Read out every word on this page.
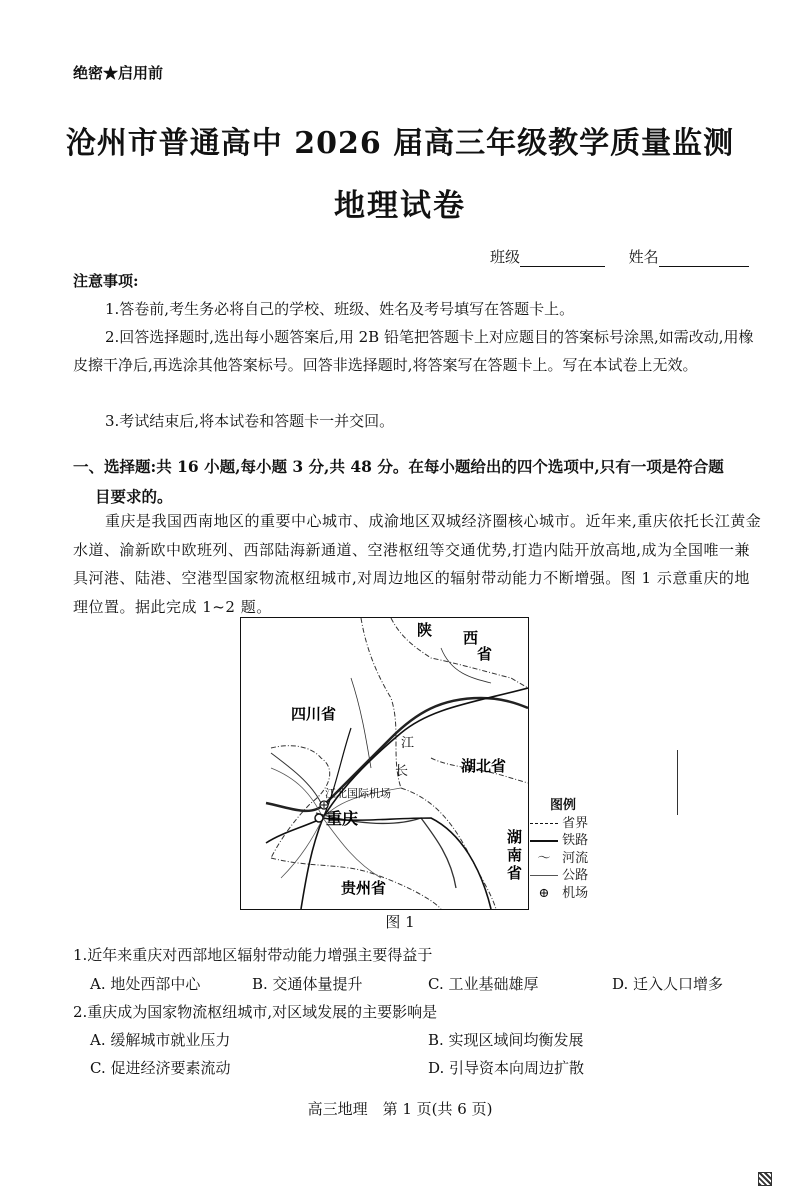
绝密★启用前
沧州市普通高中 2026 届高三年级教学质量监测
地理试卷
班级	姓名
注意事项:
1.答卷前,考生务必将自己的学校、班级、姓名及考号填写在答题卡上。
2.回答选择题时,选出每小题答案后,用 2B 铅笔把答题卡上对应题目的答案标号涂黑,如需改动,用橡皮擦干净后,再选涂其他答案标号。回答非选择题时,将答案写在答题卡上。写在本试卷上无效。
3.考试结束后,将本试卷和答题卡一并交回。
一、选择题:共 16 小题,每小题 3 分,共 48 分。在每小题给出的四个选项中,只有一项是符合题
目要求的。
重庆是我国西南地区的重要中心城市、成渝地区双城经济圈核心城市。近年来,重庆依托长江黄金水道、渝新欧中欧班列、西部陆海新通道、空港枢纽等交通优势,打造内陆开放高地,成为全国唯一兼具河港、陆港、空港型国家物流枢纽城市,对周边地区的辐射带动能力不断增强。图 1 示意重庆的地理位置。据此完成 1~2 题。
陕 西
省
四川省
江
长	湖北省
江北国际机场
重庆
湖
南
省
贵州省
图例
省界
铁路
〜 河流
公路
⊕ 机场
图 1
1.近年来重庆对西部地区辐射带动能力增强主要得益于
A. 地处西部中心	B. 交通体量提升	C. 工业基础雄厚	D. 迁入人口增多
2.重庆成为国家物流枢纽城市,对区域发展的主要影响是
A. 缓解城市就业压力	B. 实现区域间均衡发展
C. 促进经济要素流动	D. 引导资本向周边扩散
高三地理　第 1 页(共 6 页)
